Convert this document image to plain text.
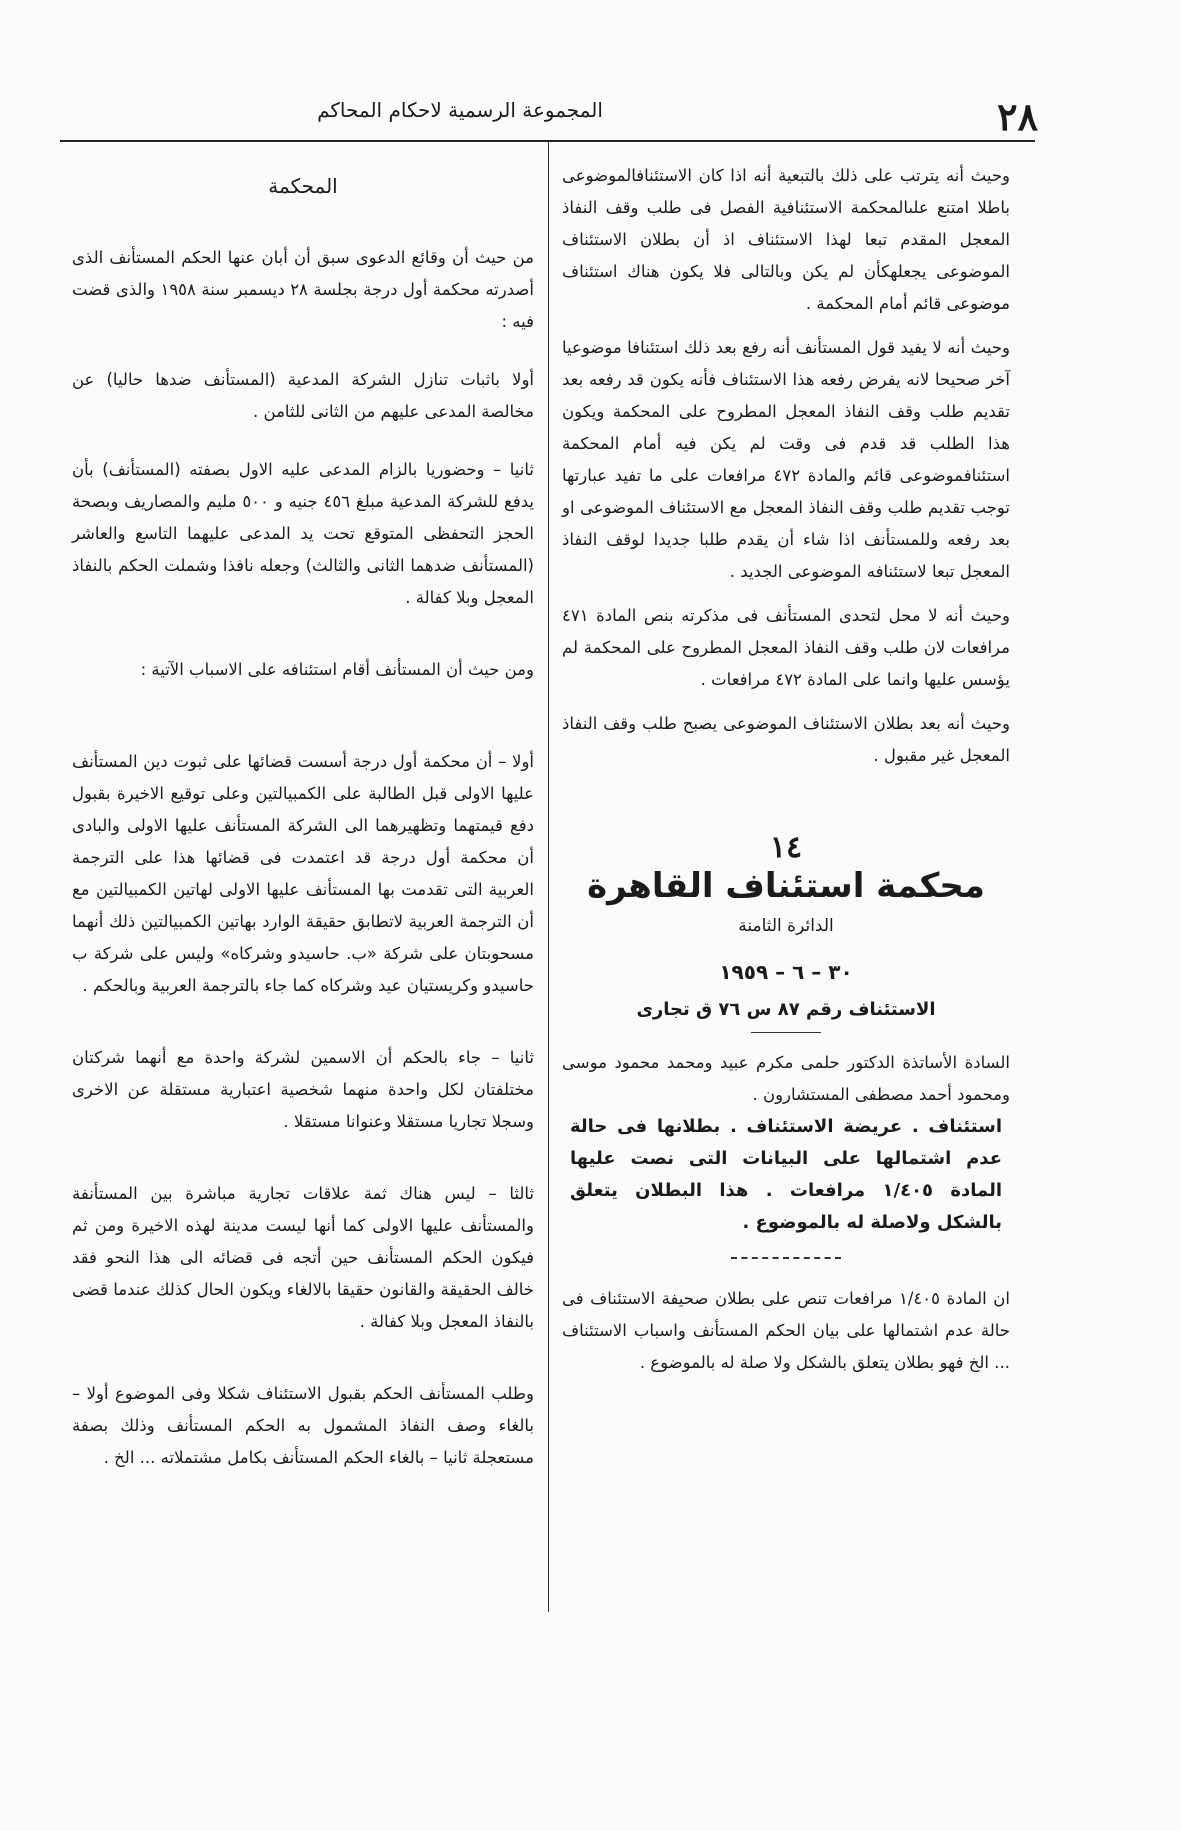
٢٨
المجموعة الرسمية لاحكام المحاكم

وحيث أنه يترتب على ذلك بالتبعية أنه اذا كان الاستئنافالموضوعى باطلا امتنع علىالمحكمة الاستئنافية الفصل فى طلب وقف النفاذ المعجل المقدم تبعا لهذا الاستئناف اذ أن بطلان الاستئناف الموضوعى يجعلهكأن لم يكن وبالتالى فلا يكون هناك استئناف موضوعى قائم أمام المحكمة .

وحيث أنه لا يفيد قول المستأنف أنه رفع بعد ذلك استئنافا موضوعيا آخر صحيحا لانه يفرض رفعه هذا الاستئناف فأنه يكون قد رفعه بعد تقديم طلب وقف النفاذ المعجل المطروح على المحكمة ويكون هذا الطلب قد قدم فى وقت لم يكن فيه أمام المحكمة استئنافموضوعى قائم والمادة ٤٧٢ مرافعات على ما تفيد عبارتها توجب تقديم طلب وقف النفاذ المعجل مع الاستئناف الموضوعى او بعد رفعه وللمستأنف اذا شاء أن يقدم طلبا جديدا لوقف النفاذ المعجل تبعا لاستئنافه الموضوعى الجديد .

وحيث أنه لا محل لتحدى المستأنف فى مذكرته بنص المادة ٤٧١ مرافعات لان طلب وقف النفاذ المعجل المطروح على المحكمة لم يؤسس عليها وانما على المادة ٤٧٢ مرافعات .

وحيث أنه بعد بطلان الاستئناف الموضوعى يصبح طلب وقف النفاذ المعجل غير مقبول .

١٤
محكمة استئناف القاهرة
الدائرة الثامنة
٣٠ – ٦ – ١٩٥٩
الاستئناف رقم ٨٧ س ٧٦ ق تجارى

السادة الأساتذة الدكتور حلمى مكرم عبيد ومحمد محمود موسى ومحمود أحمد مصطفى المستشارون .

استئناف . عريضة الاستئناف . بطلانها فى حالة عدم اشتمالها على البيانات التى نصت عليها المادة ١/٤٠٥ مرافعات . هذا البطلان يتعلق بالشكل ولاصلة له بالموضوع .

ان المادة ١/٤٠٥ مرافعات تنص على بطلان صحيفة الاستئناف فى حالة عدم اشتمالها على بيان الحكم المستأنف واسباب الاستئناف ... الخ فهو بطلان يتعلق بالشكل ولا صلة له بالموضوع .

المحكمة

من حيث أن وقائع الدعوى سبق أن أبان عنها الحكم المستأنف الذى أصدرته محكمة أول درجة بجلسة ٢٨ ديسمبر سنة ١٩٥٨ والذى قضت فيه :

أولا باثبات تنازل الشركة المدعية (المستأنف ضدها حاليا) عن مخالصة المدعى عليهم من الثانى للثامن .

ثانيا – وحضوريا بالزام المدعى عليه الاول بصفته (المستأنف) بأن يدفع للشركة المدعية مبلغ ٤٥٦ جنيه و ٥٠٠ مليم والمصاريف وبصحة الحجز التحفظى المتوقع تحت يد المدعى عليهما التاسع والعاشر (المستأنف ضدهما الثانى والثالث) وجعله نافذا وشملت الحكم بالنفاذ المعجل وبلا كفالة .

ومن حيث أن المستأنف أقام استئنافه على الاسباب الآتية :

أولا – أن محكمة أول درجة أسست قضائها على ثبوت دين المستأنف عليها الاولى قبل الطالبة على الكمبيالتين وعلى توقيع الاخيرة بقبول دفع قيمتهما وتظهيرهما الى الشركة المستأنف عليها الاولى والبادى أن محكمة أول درجة قد اعتمدت فى قضائها هذا على الترجمة العربية التى تقدمت بها المستأنف عليها الاولى لهاتين الكمبيالتين مع أن الترجمة العربية لاتطابق حقيقة الوارد بهاتين الكمبيالتين ذلك أنهما مسحوبتان على شركة «ب. حاسيدو وشركاه» وليس على شركة ب حاسيدو وكريستيان عيد وشركاه كما جاء بالترجمة العربية وبالحكم .

ثانيا – جاء بالحكم أن الاسمين لشركة واحدة مع أنهما شركتان مختلفتان لكل واحدة منهما شخصية اعتبارية مستقلة عن الاخرى وسجلا تجاريا مستقلا وعنوانا مستقلا .

ثالثا – ليس هناك ثمة علاقات تجارية مباشرة بين المستأنفة والمستأنف عليها الاولى كما أنها ليست مدينة لهذه الاخيرة ومن ثم فيكون الحكم المستأنف حين أتجه فى قضائه الى هذا النحو فقد خالف الحقيقة والقانون حقيقا بالالغاء ويكون الحال كذلك عندما قضى بالنفاذ المعجل وبلا كفالة .

وطلب المستأنف الحكم بقبول الاستئناف شكلا وفى الموضوع أولا – بالغاء وصف النفاذ المشمول به الحكم المستأنف وذلك بصفة مستعجلة ثانيا – بالغاء الحكم المستأنف بكامل مشتملاته ... الخ .
